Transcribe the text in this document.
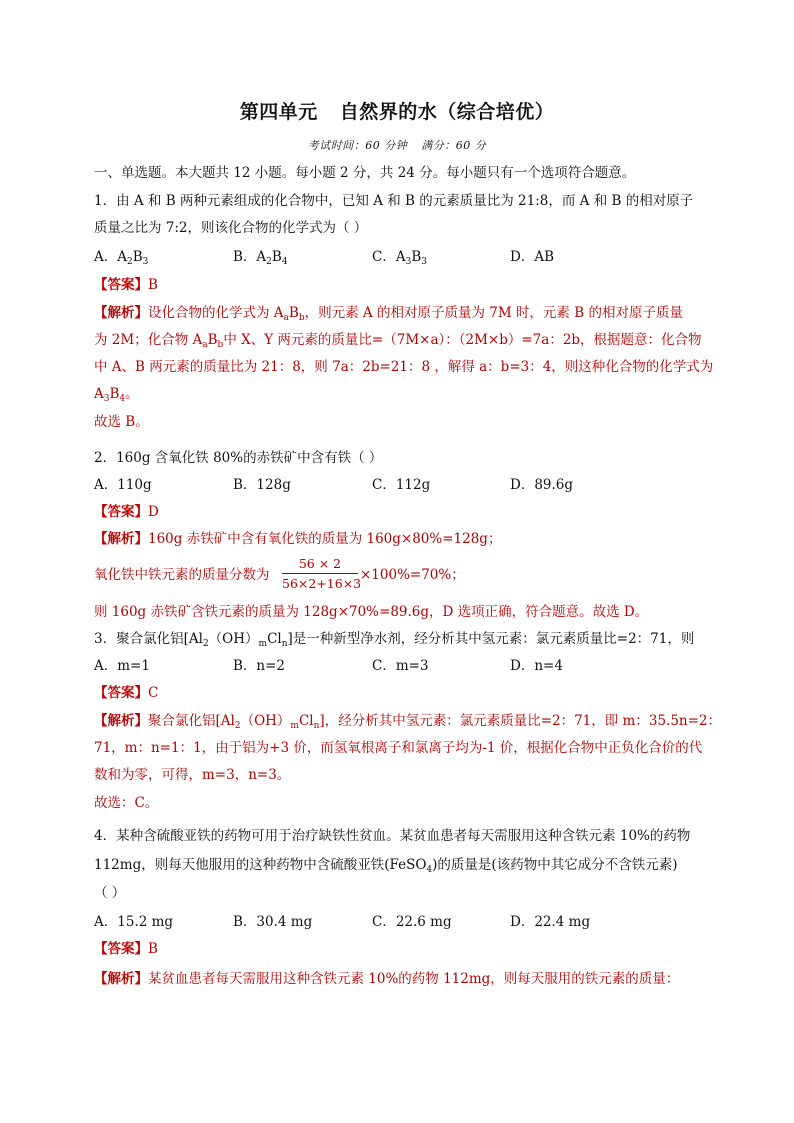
第四单元 自然界的水（综合培优）
考试时间：60 分钟 满分：60 分
一、单选题。本大题共 12 小题。每小题 2 分，共 24 分。每小题只有一个选项符合题意。
1．由 A 和 B 两种元素组成的化合物中，已知 A 和 B 的元素质量比为 21:8，而 A 和 B 的相对原子
质量之比为 7:2，则该化合物的化学式为（ ）
A．$A_2B_3$	B．$A_2B_4$	C．$A_3B_3$	D．AB
【答案】B
【解析】设化合物的化学式为 $A_aB_b$，则元素 A 的相对原子质量为 7M 时，元素 B 的相对原子质量
为 2M；化合物 $A_aB_b$中 X、Y 两元素的质量比=（7M×a）：（2M×b）=7a：2b，根据题意：化合物
中 A、B 两元素的质量比为 21：8，则 7a：2b=21：8 ，解得 a：b=3：4，则这种化合物的化学式为
$A_3B_4$。
故选 B。
2．160g 含氧化铁 80%的赤铁矿中含有铁（ ）
A．110g	B．128g	C．112g	D．89.6g
【答案】D
【解析】160g 赤铁矿中含有氧化铁的质量为 160g×80%=128g；
氧化铁中铁元素的质量分数为
56 × 2
56×2+16×3
×100%=70%；
则 160g 赤铁矿含铁元素的质量为 128g×70%=89.6g，D 选项正确，符合题意。故选 D。
3．聚合氯化铝$[Al_2(OH)_mCl_n]$是一种新型净水剂，经分析其中氢元素：氯元素质量比=2：71，则
A．m=1	B．n=2	C．m=3	D．n=4
【答案】C
【解析】聚合氯化铝$[Al_2(OH)_mCl_n]$，经分析其中氢元素：氯元素质量比=2：71，即 m：35.5n=2：
71，m：n=1：1，由于铝为+3 价，而氢氧根离子和氯离子均为-1 价，根据化合物中正负化合价的代
数和为零，可得，m=3，n=3。
故选：C。
4．某种含硫酸亚铁的药物可用于治疗缺铁性贫血。某贫血患者每天需服用这种含铁元素 10%的药物
112mg，则每天他服用的这种药物中含硫酸亚铁(FeSO$_4$)的质量是(该药物中其它成分不含铁元素)
（ ）
A．15.2 mg	B．30.4 mg	C．22.6 mg	D．22.4 mg
【答案】B
【解析】某贫血患者每天需服用这种含铁元素 10%的药物 112mg，则每天服用的铁元素的质量：
